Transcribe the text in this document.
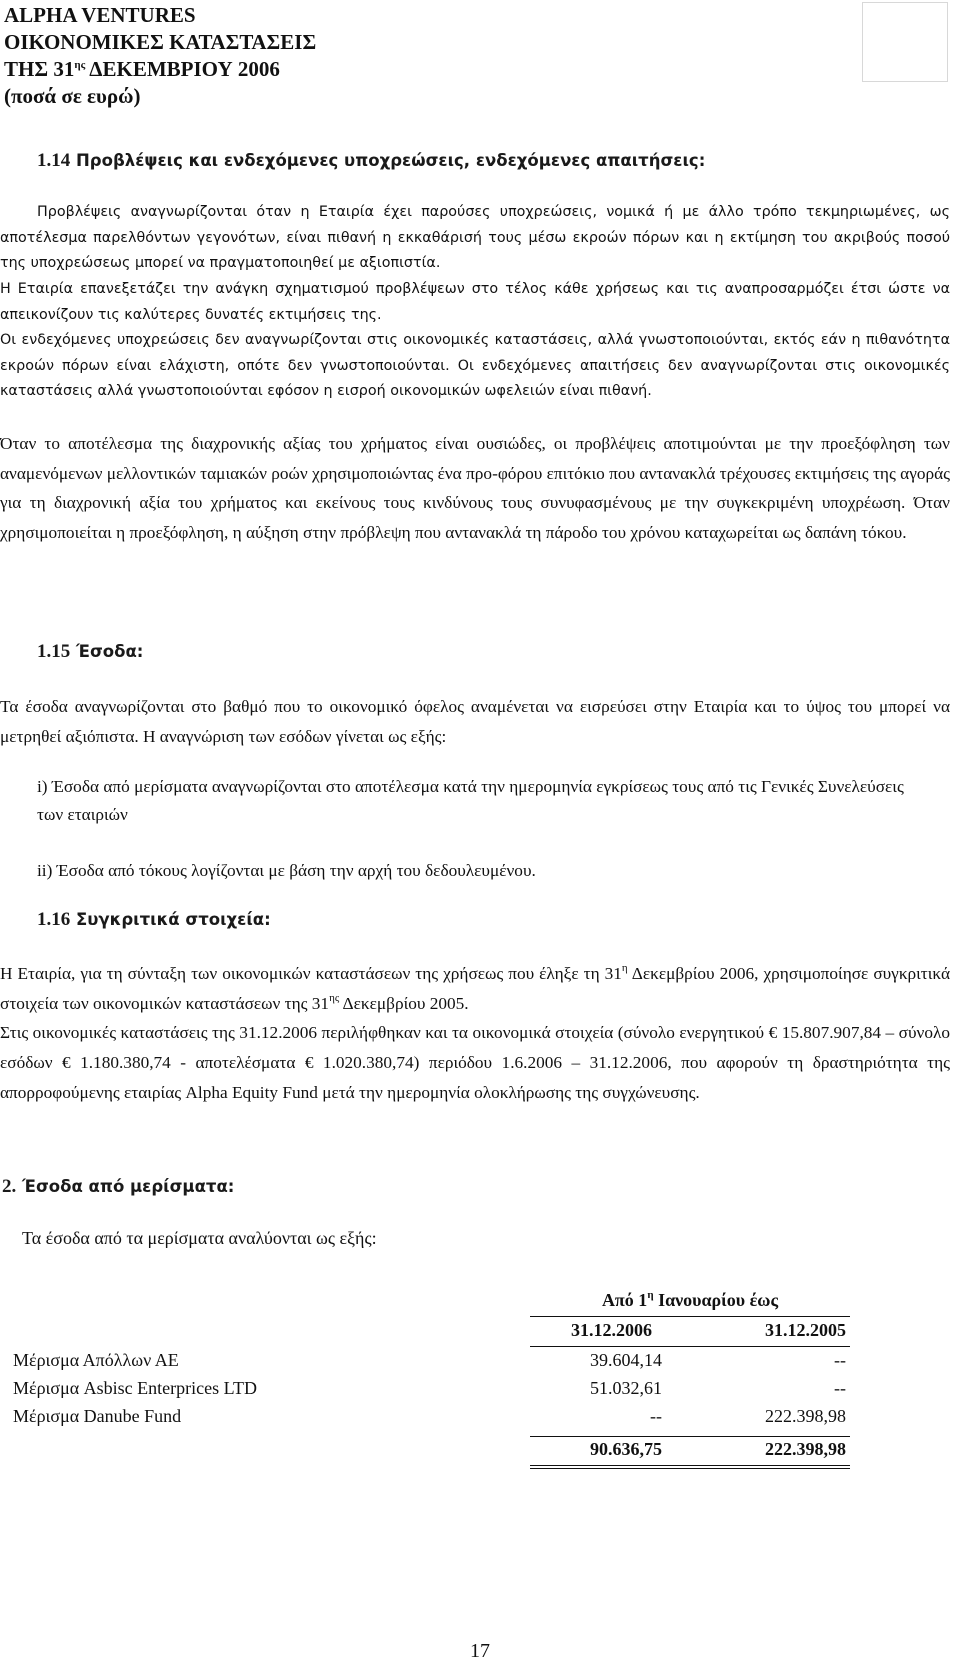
ALPHA VENTURES
ΟΙΚΟΝΟΜΙΚΕΣ ΚΑΤΑΣΤΑΣΕΙΣ
ΤΗΣ $31^{\eta\varsigma}$ ΔΕΚΕΜΒΡΙΟΥ 2006
(ποσά σε ευρώ)
1.14 Προβλέψεις και ενδεχόμενες υποχρεώσεις, ενδεχόμενες απαιτήσεις:
Προβλέψεις αναγνωρίζονται όταν η Εταιρία έχει παρούσες υποχρεώσεις, νομικά ή με άλλο τρόπο τεκμηριωμένες, ως αποτέλεσμα παρελθόντων γεγονότων, είναι πιθανή η εκκαθάρισή τους μέσω εκροών πόρων και η εκτίμηση του ακριβούς ποσού της υποχρεώσεως μπορεί να πραγματοποιηθεί με αξιοπιστία.
Η Εταιρία επανεξετάζει την ανάγκη σχηματισμού προβλέψεων στο τέλος κάθε χρήσεως και τις αναπροσαρμόζει έτσι ώστε να απεικονίζουν τις καλύτερες δυνατές εκτιμήσεις της.
Οι ενδεχόμενες υποχρεώσεις δεν αναγνωρίζονται στις οικονομικές καταστάσεις, αλλά γνωστοποιούνται, εκτός εάν η πιθανότητα εκροών πόρων είναι ελάχιστη, οπότε δεν γνωστοποιούνται. Οι ενδεχόμενες απαιτήσεις δεν αναγνωρίζονται στις οικονομικές καταστάσεις αλλά γνωστοποιούνται εφόσον η εισροή οικονομικών ωφελειών είναι πιθανή.
Όταν το αποτέλεσμα της διαχρονικής αξίας του χρήματος είναι ουσιώδες, οι προβλέψεις αποτιμούνται με την προεξόφληση των αναμενόμενων μελλοντικών ταμιακών ροών χρησιμοποιώντας ένα προ-φόρου επιτόκιο που αντανακλά τρέχουσες εκτιμήσεις της αγοράς για τη διαχρονική αξία του χρήματος και εκείνους τους κινδύνους τους συνυφασμένους με την συγκεκριμένη υποχρέωση. Όταν χρησιμοποιείται η προεξόφληση, η αύξηση στην πρόβλεψη που αντανακλά τη πάροδο του χρόνου καταχωρείται ως δαπάνη τόκου.
1.15 Έσοδα:
Τα έσοδα αναγνωρίζονται στο βαθμό που το οικονομικό όφελος αναμένεται να εισρεύσει στην Εταιρία και το ύψος του μπορεί να μετρηθεί αξιόπιστα. Η αναγνώριση των εσόδων γίνεται ως εξής:
i) Έσοδα από μερίσματα αναγνωρίζονται στο αποτέλεσμα κατά την ημερομηνία εγκρίσεως τους από τις Γενικές Συνελεύσεις των εταιριών
ii) Έσοδα από τόκους λογίζονται με βάση την αρχή του δεδουλευμένου.
1.16 Συγκριτικά στοιχεία:
Η Εταιρία, για τη σύνταξη των οικονομικών καταστάσεων της χρήσεως που έληξε τη $31^\eta$ Δεκεμβρίου 2006, χρησιμοποίησε συγκριτικά στοιχεία των οικονομικών καταστάσεων της $31^{\eta\varsigma}$ Δεκεμβρίου 2005.
Στις οικονομικές καταστάσεις της 31.12.2006 περιλήφθηκαν και τα οικονομικά στοιχεία (σύνολο ενεργητικού € 15.807.907,84 – σύνολο εσόδων € 1.180.380,74 - αποτελέσματα € 1.020.380,74) περιόδου 1.6.2006 – 31.12.2006, που αφορούν τη δραστηριότητα της απορροφούμενης εταιρίας Alpha Equity Fund μετά την ημερομηνία ολοκλήρωσης της συγχώνευσης.
2. Έσοδα από μερίσματα:
Τα έσοδα από τα μερίσματα αναλύονται ως εξής:
Από $1^\eta$ Ιανουαρίου έως
31.12.2006	31.12.2005
Μέρισμα Απόλλων ΑΕ	39.604,14	--
Μέρισμα Asbisc Enterprices LTD	51.032,61	--
Μέρισμα Danube Fund	--	222.398,98
90.636,75	222.398,98
17
